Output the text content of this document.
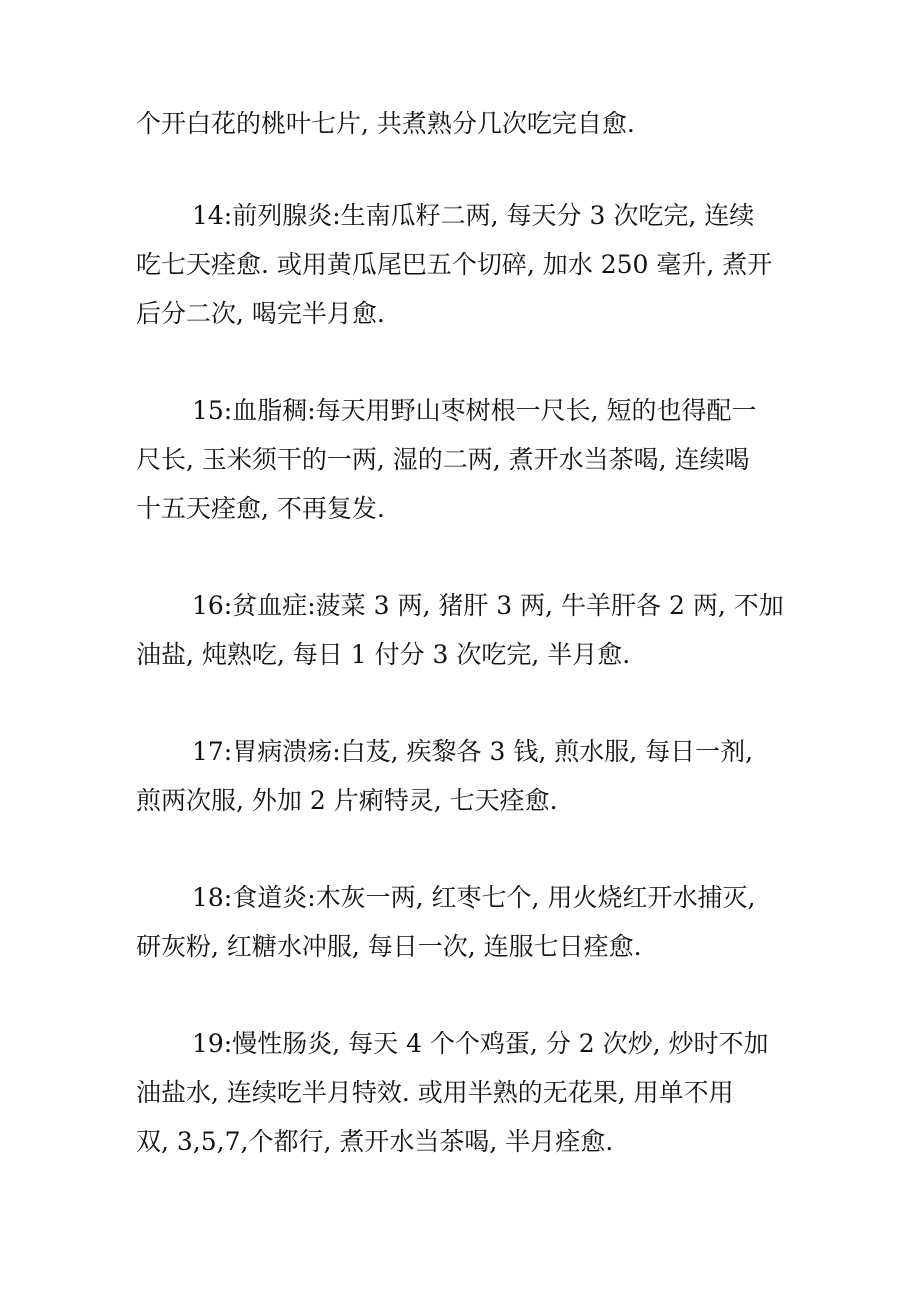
个开白花的桃叶七片, 共煮熟分几次吃完自愈.
14:前列腺炎:生南瓜籽二两, 每天分 3 次吃完, 连续
吃七天痊愈. 或用黄瓜尾巴五个切碎, 加水 250 毫升, 煮开
后分二次, 喝完半月愈.
15:血脂稠:每天用野山枣树根一尺长, 短的也得配一
尺长, 玉米须干的一两, 湿的二两, 煮开水当茶喝, 连续喝
十五天痊愈, 不再复发.
16:贫血症:菠菜 3 两, 猪肝 3 两, 牛羊肝各 2 两, 不加
油盐, 炖熟吃, 每日 1 付分 3 次吃完, 半月愈.
17:胃病溃疡:白芨, 疾黎各 3 钱, 煎水服, 每日一剂,
煎两次服, 外加 2 片痢特灵, 七天痊愈.
18:食道炎:木灰一两, 红枣七个, 用火烧红开水捕灭,
研灰粉, 红糖水冲服, 每日一次, 连服七日痊愈.
19:慢性肠炎, 每天 4 个个鸡蛋, 分 2 次炒, 炒时不加
油盐水, 连续吃半月特效. 或用半熟的无花果, 用单不用
双, 3,5,7,个都行, 煮开水当茶喝, 半月痊愈.
